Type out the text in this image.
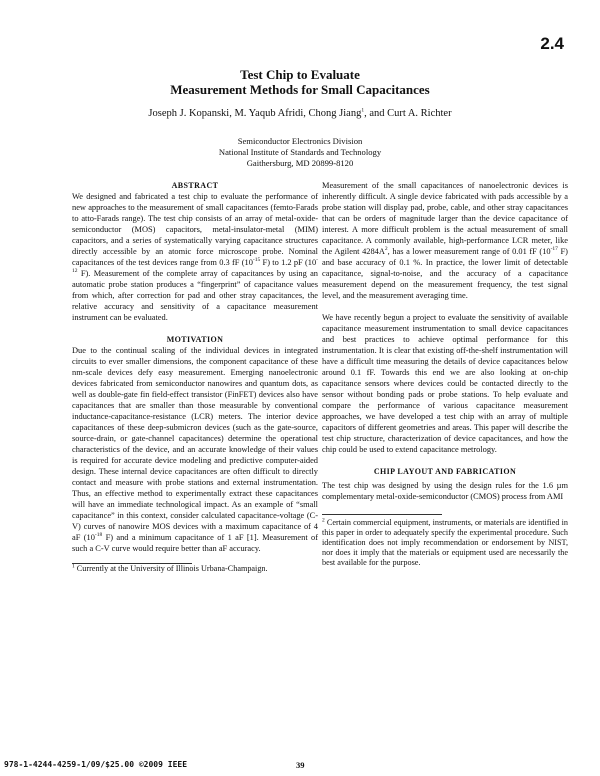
2.4
Test Chip to Evaluate
Measurement Methods for Small Capacitances
Joseph J. Kopanski, M. Yaqub Afridi, Chong Jiang$^1$, and Curt A. Richter
Semiconductor Electronics Division
National Institute of Standards and Technology
Gaithersburg, MD 20899-8120

ABSTRACT

We designed and fabricated a test chip to evaluate the performance of new approaches to the measurement of small capacitances (femto-Farads to atto-Farads range). The test chip consists of an array of metal-oxide-semiconductor (MOS) capacitors, metal-insulator-metal (MIM) capacitors, and a series of systematically varying capacitance structures directly accessible by an atomic force microscope probe. Nominal capacitances of the test devices range from 0.3 fF ($10^{-15}$ F) to 1.2 pF ($10^{-12}$ F). Measurement of the complete array of capacitances by using an automatic probe station produces a “fingerprint” of capacitance values from which, after correction for pad and other stray capacitances, the relative accuracy and sensitivity of a capacitance measurement instrument can be evaluated.

MOTIVATION

Due to the continual scaling of the individual devices in integrated circuits to ever smaller dimensions, the component capacitance of these nm-scale devices defy easy measurement. Emerging nanoelectronic devices fabricated from semiconductor nanowires and quantum dots, as well as double-gate fin field-effect transistor (FinFET) devices also have capacitances that are smaller than those measurable by conventional inductance-capacitance-resistance (LCR) meters. The interior device capacitances of these deep-submicron devices (such as the gate-source, source-drain, or gate-channel capacitances) determine the operational characteristics of the device, and an accurate knowledge of their values is required for accurate device modeling and predictive computer-aided design. These internal device capacitances are often difficult to directly contact and measure with probe stations and external instrumentation. Thus, an effective method to experimentally extract these capacitances will have an immediate technological impact. As an example of “small capacitance” in this context, consider calculated capacitance-voltage (C-V) curves of nanowire MOS devices with a maximum capacitance of 4 aF ($10^{-18}$ F) and a minimum capacitance of 1 aF [1]. Measurement of such a C-V curve would require better than aF accuracy.

$^1$ Currently at the University of Illinois Urbana-Champaign.

Measurement of the small capacitances of nanoelectronic devices is inherently difficult. A single device fabricated with pads accessible by a probe station will display pad, probe, cable, and other stray capacitances that can be orders of magnitude larger than the device capacitance of interest. A more difficult problem is the actual measurement of small capacitance. A commonly available, high-performance LCR meter, like the Agilent $4284A^2$, has a lower measurement range of 0.01 fF ($10^{-17}$ F) and base accuracy of 0.1 %. In practice, the lower limit of detectable capacitance, signal-to-noise, and the accuracy of a capacitance measurement depend on the measurement frequency, the test signal level, and the measurement averaging time.

We have recently begun a project to evaluate the sensitivity of available capacitance measurement instrumentation to small device capacitances and best practices to achieve optimal performance for this instrumentation. It is clear that existing off-the-shelf instrumentation will have a difficult time measuring the details of device capacitances below around 0.1 fF. Towards this end we are also looking at on-chip capacitance sensors where devices could be contacted directly to the sensor without bonding pads or probe stations. To help evaluate and compare the performance of various capacitance measurement approaches, we have developed a test chip with an array of multiple capacitors of different geometries and areas. This paper will describe the test chip structure, characterization of device capacitances, and how the chip could be used to extend capacitance metrology.

CHIP LAYOUT AND FABRICATION

The test chip was designed by using the design rules for the 1.6 µm complementary metal-oxide-semiconductor (CMOS) process from AMI

$^2$ Certain commercial equipment, instruments, or materials are identified in this paper in order to adequately specify the experimental procedure. Such identification does not imply recommendation or endorsement by NIST, nor does it imply that the materials or equipment used are necessarily the best available for the purpose.

978-1-4244-4259-1/09/$25.00 ©2009 IEEE	39
